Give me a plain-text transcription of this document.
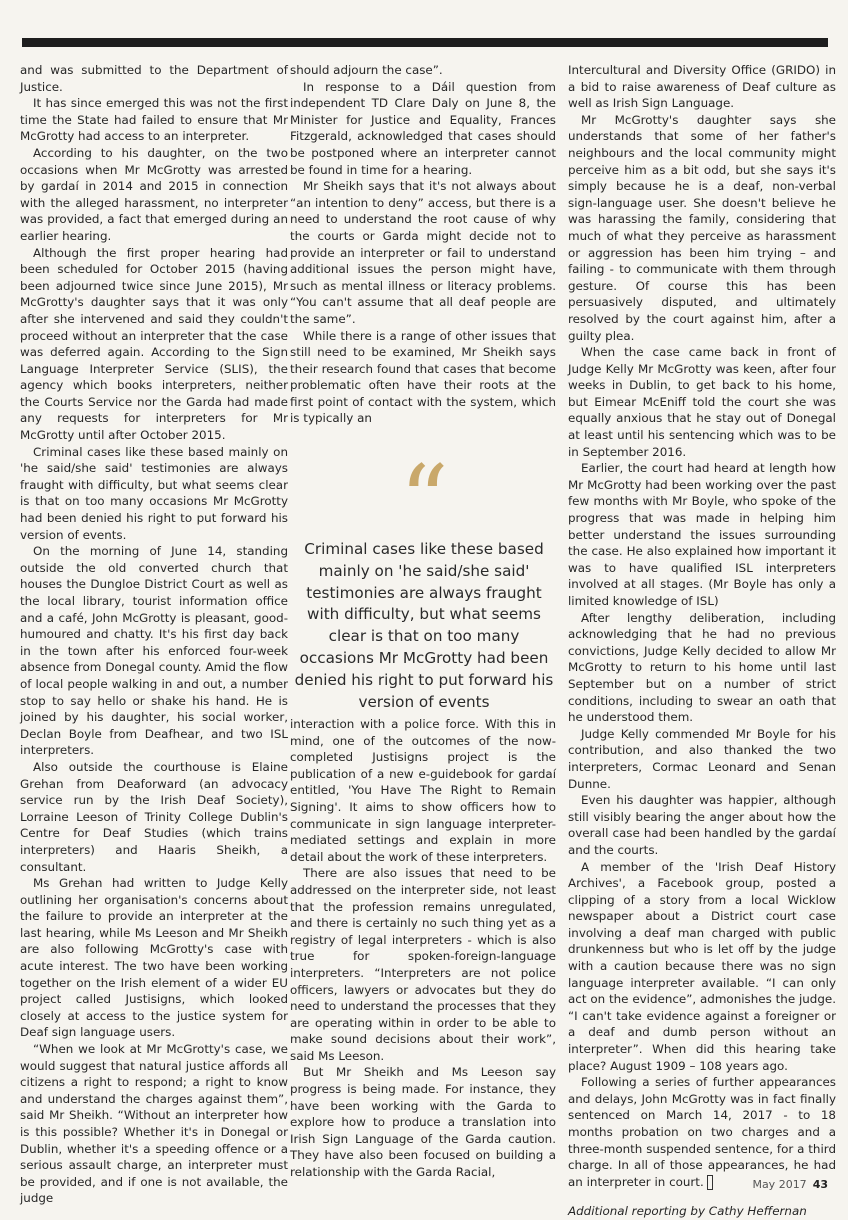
and was submitted to the Department of Justice.

It has since emerged this was not the first time the State had failed to ensure that Mr McGrotty had access to an interpreter.

According to his daughter, on the two occasions when Mr McGrotty was arrested by gardaí in 2014 and 2015 in connection with the alleged harassment, no interpreter was provided, a fact that emerged during an earlier hearing.

Although the first proper hearing had been scheduled for October 2015 (having been adjourned twice since June 2015), Mr McGrotty's daughter says that it was only after she intervened and said they couldn't proceed without an interpreter that the case was deferred again. According to the Sign Language Interpreter Service (SLIS), the agency which books interpreters, neither the Courts Service nor the Garda had made any requests for interpreters for Mr McGrotty until after October 2015.

Criminal cases like these based mainly on 'he said/she said' testimonies are always fraught with difficulty, but what seems clear is that on too many occasions Mr McGrotty had been denied his right to put forward his version of events.

On the morning of June 14, standing outside the old converted church that houses the Dungloe District Court as well as the local library, tourist information office and a café, John McGrotty is pleasant, good-humoured and chatty. It's his first day back in the town after his enforced four-week absence from Donegal county. Amid the flow of local people walking in and out, a number stop to say hello or shake his hand. He is joined by his daughter, his social worker, Declan Boyle from Deafhear, and two ISL interpreters.

Also outside the courthouse is Elaine Grehan from Deaforward (an advocacy service run by the Irish Deaf Society), Lorraine Leeson of Trinity College Dublin's Centre for Deaf Studies (which trains interpreters) and Haaris Sheikh, a consultant.

Ms Grehan had written to Judge Kelly outlining her organisation's concerns about the failure to provide an interpreter at the last hearing, while Ms Leeson and Mr Sheikh are also following McGrotty's case with acute interest. The two have been working together on the Irish element of a wider EU project called Justisigns, which looked closely at access to the justice system for Deaf sign language users.

“When we look at Mr McGrotty's case, we would suggest that natural justice affords all citizens a right to respond; a right to know and understand the charges against them”, said Mr Sheikh. “Without an interpreter how is this possible? Whether it's in Donegal or Dublin, whether it's a speeding offence or a serious assault charge, an interpreter must be provided, and if one is not available, the judge

should adjourn the case”.

In response to a Dáil question from independent TD Clare Daly on June 8, the Minister for Justice and Equality, Frances Fitzgerald, acknowledged that cases should be postponed where an interpreter cannot be found in time for a hearing.

Mr Sheikh says that it's not always about “an intention to deny” access, but there is a need to understand the root cause of why the courts or Garda might decide not to provide an interpreter or fail to understand additional issues the person might have, such as mental illness or literacy problems. “You can't assume that all deaf people are the same”.

While there is a range of other issues that still need to be examined, Mr Sheikh says their research found that cases that become problematic often have their roots at the first point of contact with the system, which is typically an

“
Criminal cases like these based mainly on 'he said/she said' testimonies are always fraught with difficulty, but what seems clear is that on too many occasions Mr McGrotty had been denied his right to put forward his version of events

interaction with a police force. With this in mind, one of the outcomes of the now-completed Justisigns project is the publication of a new e-guidebook for gardaí entitled, 'You Have The Right to Remain Signing'. It aims to show officers how to communicate in sign language interpreter-mediated settings and explain in more detail about the work of these interpreters.

There are also issues that need to be addressed on the interpreter side, not least that the profession remains unregulated, and there is certainly no such thing yet as a registry of legal interpreters - which is also true for spoken-foreign-language interpreters. “Interpreters are not police officers, lawyers or advocates but they do need to understand the processes that they are operating within in order to be able to make sound decisions about their work”, said Ms Leeson.

But Mr Sheikh and Ms Leeson say progress is being made. For instance, they have been working with the Garda to explore how to produce a translation into Irish Sign Language of the Garda caution. They have also been focused on building a relationship with the Garda Racial,

Intercultural and Diversity Office (GRIDO) in a bid to raise awareness of Deaf culture as well as Irish Sign Language.

Mr McGrotty's daughter says she understands that some of her father's neighbours and the local community might perceive him as a bit odd, but she says it's simply because he is a deaf, non-verbal sign-language user. She doesn't believe he was harassing the family, considering that much of what they perceive as harassment or aggression has been him trying – and failing - to communicate with them through gesture. Of course this has been persuasively disputed, and ultimately resolved by the court against him, after a guilty plea.

When the case came back in front of Judge Kelly Mr McGrotty was keen, after four weeks in Dublin, to get back to his home, but Eimear McEniff told the court she was equally anxious that he stay out of Donegal at least until his sentencing which was to be in September 2016.

Earlier, the court had heard at length how Mr McGrotty had been working over the past few months with Mr Boyle, who spoke of the progress that was made in helping him better understand the issues surrounding the case. He also explained how important it was to have qualified ISL interpreters involved at all stages. (Mr Boyle has only a limited knowledge of ISL)

After lengthy deliberation, including acknowledging that he had no previous convictions, Judge Kelly decided to allow Mr McGrotty to return to his home until last September but on a number of strict conditions, including to swear an oath that he understood them.

Judge Kelly commended Mr Boyle for his contribution, and also thanked the two interpreters, Cormac Leonard and Senan Dunne.

Even his daughter was happier, although still visibly bearing the anger about how the overall case had been handled by the gardaí and the courts.

A member of the 'Irish Deaf History Archives', a Facebook group, posted a clipping of a story from a local Wicklow newspaper about a District court case involving a deaf man charged with public drunkenness but who is let off by the judge with a caution because there was no sign language interpreter available. “I can only act on the evidence”, admonishes the judge. “I can't take evidence against a foreigner or a deaf and dumb person without an interpreter”. When did this hearing take place? August 1909 – 108 years ago.

Following a series of further appearances and delays, John McGrotty was in fact finally sentenced on March 14, 2017 - to 18 months probation on two charges and a three-month suspended sentence, for a third charge. In all of those appearances, he had an interpreter in court.

Additional reporting by Cathy Heffernan

May 2017 43
